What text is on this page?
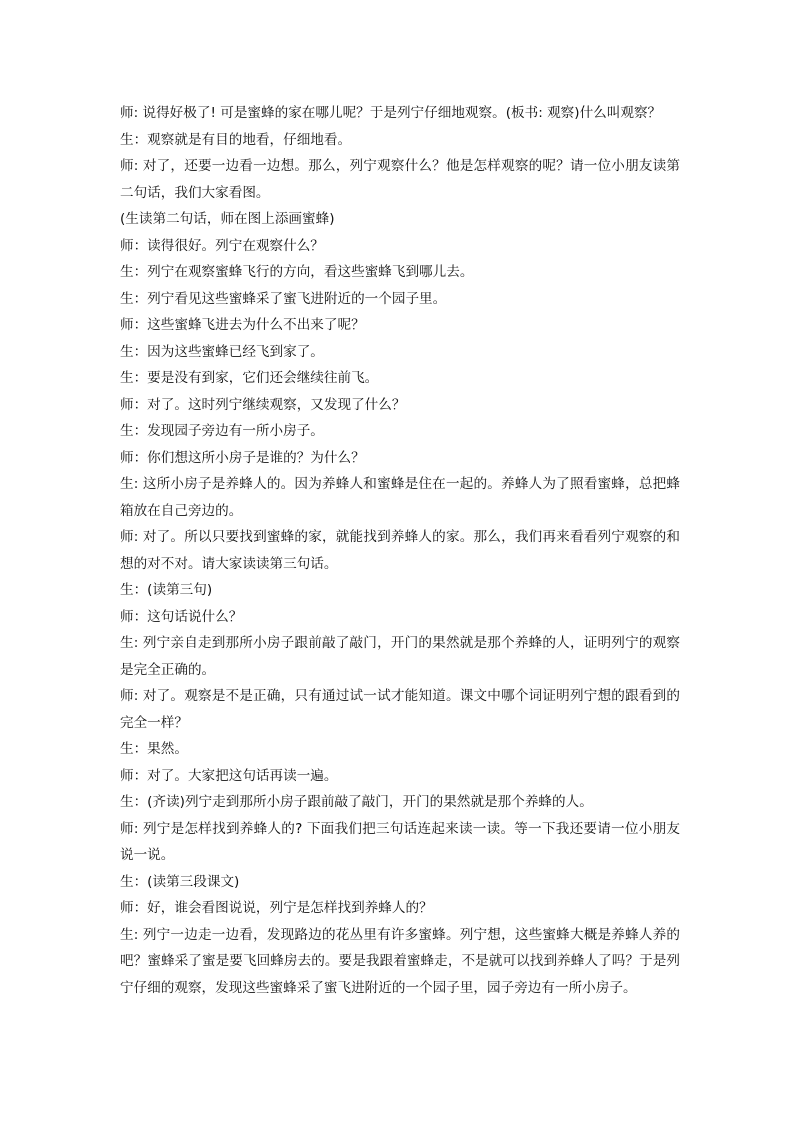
师: 说得好极了! 可是蜜蜂的家在哪儿呢？于是列宁仔细地观察。(板书: 观察)什么叫观察？

生：观察就是有目的地看，仔细地看。

师: 对了，还要一边看一边想。那么，列宁观察什么？他是怎样观察的呢？请一位小朋友读第二句话，我们大家看图。

(生读第二句话，师在图上添画蜜蜂)

师：读得很好。列宁在观察什么？

生：列宁在观察蜜蜂飞行的方向，看这些蜜蜂飞到哪儿去。

生：列宁看见这些蜜蜂采了蜜飞进附近的一个园子里。

师：这些蜜蜂飞进去为什么不出来了呢？

生：因为这些蜜蜂已经飞到家了。

生：要是没有到家，它们还会继续往前飞。

师：对了。这时列宁继续观察，又发现了什么？

生：发现园子旁边有一所小房子。

师：你们想这所小房子是谁的？为什么？

生: 这所小房子是养蜂人的。因为养蜂人和蜜蜂是住在一起的。养蜂人为了照看蜜蜂，总把蜂箱放在自己旁边的。

师: 对了。所以只要找到蜜蜂的家，就能找到养蜂人的家。那么，我们再来看看列宁观察的和想的对不对。请大家读读第三句话。

生：(读第三句)

师：这句话说什么？

生: 列宁亲自走到那所小房子跟前敲了敲门，开门的果然就是那个养蜂的人，证明列宁的观察是完全正确的。

师: 对了。观察是不是正确，只有通过试一试才能知道。课文中哪个词证明列宁想的跟看到的完全一样？

生：果然。

师：对了。大家把这句话再读一遍。

生：(齐读)列宁走到那所小房子跟前敲了敲门，开门的果然就是那个养蜂的人。

师: 列宁是怎样找到养蜂人的? 下面我们把三句话连起来读一读。等一下我还要请一位小朋友说一说。

生：(读第三段课文)

师：好，谁会看图说说，列宁是怎样找到养蜂人的？

生: 列宁一边走一边看，发现路边的花丛里有许多蜜蜂。列宁想，这些蜜蜂大概是养蜂人养的吧？蜜蜂采了蜜是要飞回蜂房去的。要是我跟着蜜蜂走，不是就可以找到养蜂人了吗？于是列宁仔细的观察，发现这些蜜蜂采了蜜飞进附近的一个园子里，园子旁边有一所小房子。
